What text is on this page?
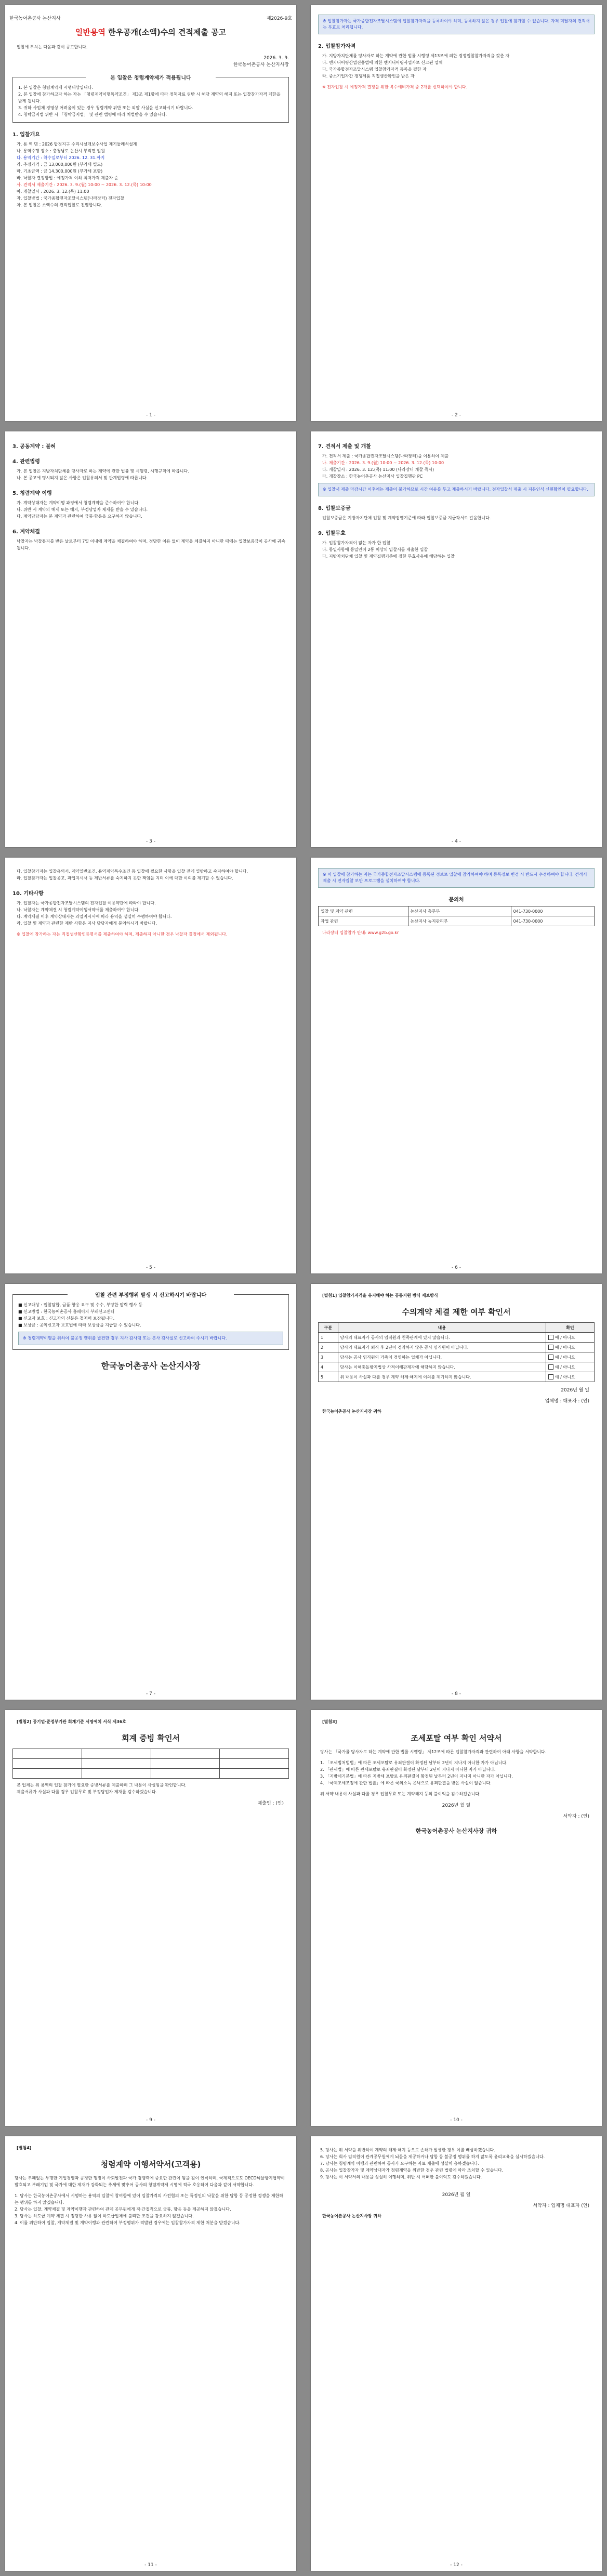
한국농어촌공사 논산지사	제2026-9호
일반용역 한우공개(소액)수의 견적제출 공고
입찰에 부치는 다음과 같이 공고합니다.
2026. 3. 9.
한국농어촌공사 논산지사장
본 입찰은 청렴계약제가 적용됩니다
1. 본 입찰은 청렴계약제 시행대상입니다.
2. 본 입찰에 참가하고자 하는 자는 「청렴계약이행특약조건」 제3조 제1항에 따라 정책자료 위반 시 해당 계약의 해지 또는 입찰참가자격 제한을 받게 됩니다.
3. 귀하 사업체 경영상 어려움이 있는 경우 청렴계약 위반 또는 외압 사실을 신고하시기 바랍니다.
4. 청탁금지법 위반 시 「청탁금지법」 및 관련 법령에 따라 처벌받을 수 있습니다.
1. 입찰개요
가. 용 역 명 : 2026 탑정지구 수리시설개보수사업 제기둘레석설계
나. 용역수행 장소 : 충청남도 논산시 부적면 일원
다. 용역기간 : 착수일로부터 2026. 12. 31.까지
라. 추정가격 : 금 13,000,000원 (부가세 별도)
마. 기초금액 : 금 14,300,000원 (부가세 포함)
바. 낙찰자 결정방법 : 예정가격 이하 최저가격 제출자 순
사. 견적서 제출기간 : 2026. 3. 9.(월) 10:00 ~ 2026. 3. 12.(목) 10:00
아. 개찰일시 : 2026. 3. 12.(목) 11:00
자. 입찰방법 : 국가종합전자조달시스템(나라장터) 전자입찰
차. 본 입찰은 소액수의 견적입찰로 진행합니다.
- 1 -
※ 입찰참가자는 국가종합전자조달시스템에 입찰참가자격을 등록하여야 하며, 등록하지 않은 경우 입찰에 참가할 수 없습니다. 자격 미달자의 견적서는 무효로 처리됩니다.
2. 입찰참가자격
가. 지방자치단체를 당사자로 하는 계약에 관한 법률 시행령 제13조에 의한 경쟁입찰참가자격을 갖춘 자
나. 엔지니어링산업진흥법에 의한 엔지니어링사업자로 신고된 업체
다. 국가종합전자조달시스템 입찰참가자격 등록을 필한 자
라. 중소기업자간 경쟁제품 직접생산확인을 받은 자
※ 전자입찰 시 예정가격 결정을 위한 복수예비가격 중 2개를 선택하여야 합니다.
- 2 -
3. 공동계약 : 불허
4. 관련법령
가. 본 입찰은 지방자치단체를 당사자로 하는 계약에 관한 법률 및 시행령, 시행규칙에 따릅니다.
나. 본 공고에 명시되지 않은 사항은 입찰유의서 및 관계법령에 따릅니다.
5. 청렴계약 이행
가. 계약상대자는 계약이행 과정에서 청렴계약을 준수하여야 합니다.
나. 위반 시 계약의 해제 또는 해지, 부정당업자 제재를 받을 수 있습니다.
다. 계약담당자는 본 계약과 관련하여 금품·향응을 요구하지 않습니다.
6. 계약체결
낙찰자는 낙찰통지를 받은 날로부터 7일 이내에 계약을 체결하여야 하며, 정당한 이유 없이 계약을 체결하지 아니한 때에는 입찰보증금이 공사에 귀속됩니다.
- 3 -
7. 견적서 제출 및 개찰
가. 견적서 제출 : 국가종합전자조달시스템(나라장터)을 이용하여 제출
나. 제출기간 : 2026. 3. 9.(월) 10:00 ~ 2026. 3. 12.(목) 10:00
다. 개찰일시 : 2026. 3. 12.(목) 11:00 (나라장터 개찰 즉시)
라. 개찰장소 : 한국농어촌공사 논산지사 입찰집행관 PC
※ 입찰서 제출 마감시간 이후에는 제출이 불가하므로 시간 여유를 두고 제출하시기 바랍니다. 전자입찰서 제출 시 지문인식 신원확인이 필요합니다.
8. 입찰보증금
입찰보증금은 지방자치단체 입찰 및 계약집행기준에 따라 입찰보증금 지급각서로 갈음합니다.
9. 입찰무효
가. 입찰참가자격이 없는 자가 한 입찰
나. 동일사항에 동일인이 2통 이상의 입찰서를 제출한 입찰
다. 지방자치단체 입찰 및 계약집행기준에 정한 무효사유에 해당하는 입찰
- 4 -
다. 입찰참가자는 입찰유의서, 계약일반조건, 용역계약특수조건 등 입찰에 필요한 사항을 입찰 전에 열람하고 숙지하여야 합니다.
라. 입찰참가자는 입찰공고, 과업지시서 등 제반서류를 숙지하지 못한 책임을 지며 이에 대한 이의를 제기할 수 없습니다.
10. 기타사항
가. 입찰자는 국가종합전자조달시스템의 전자입찰 이용약관에 따라야 합니다.
나. 낙찰자는 계약체결 시 청렴계약이행서약서를 제출하여야 합니다.
다. 계약체결 이후 계약상대자는 과업지시서에 따라 용역을 성실히 수행하여야 합니다.
라. 입찰 및 계약과 관련한 제반 사항은 지사 담당자에게 문의하시기 바랍니다.
※ 입찰에 참가하는 자는 직접생산확인증명서를 제출하여야 하며, 제출하지 아니한 경우 낙찰자 결정에서 제외됩니다.
- 5 -
※ 이 입찰에 참가하는 자는 국가종합전자조달시스템에 등록된 정보로 입찰에 참가하여야 하며 등록정보 변경 시 반드시 수정하여야 합니다. 견적서 제출 시 전자입찰 보안 프로그램을 설치하여야 합니다.
문의처
입찰 및 계약 관련	논산지사 총무부	041-730-0000
과업 관련	논산지사 농지관리부	041-730-0000
나라장터 입찰참가 안내: www.g2b.go.kr
- 6 -
입찰 관련 부정행위 발생 시 신고하시기 바랍니다
■ 신고대상 : 입찰담합, 금품·향응 요구 및 수수, 부당한 압력 행사 등
■ 신고방법 : 한국농어촌공사 홈페이지 부패신고센터
■ 신고자 보호 : 신고자의 신분은 철저히 보장됩니다.
■ 보상금 : 공익신고자 보호법에 따라 보상금을 지급할 수 있습니다.
※ 청렴계약이행을 위하여 불공정 행위를 발견한 경우 지사 감사팀 또는 본사 감사실로 신고하여 주시기 바랍니다.
한국농어촌공사 논산지사장
- 7 -
[별첨1] 입찰참가자격을 유지해야 하는 공통지원 방식 제보방식
수의계약 체결 제한 여부 확인서
구분	내용	확인
1	당사의 대표자가 공사의 임직원과 친족관계에 있지 않습니다.	예 / 아니오
2	당사의 대표자가 퇴직 후 2년이 경과하지 않은 공사 임직원이 아닙니다.	예 / 아니오
3	당사는 공사 임직원의 가족이 경영하는 업체가 아닙니다.	예 / 아니오
4	당사는 이해충돌방지법상 사적이해관계자에 해당하지 않습니다.	예 / 아니오
5	위 내용이 사실과 다를 경우 계약 해제·해지에 이의를 제기하지 않습니다.	예 / 아니오
2026년 월 일
업체명 : 대표자 : (인)
한국농어촌공사 논산지사장 귀하
- 8 -
[별첨2] 공기업·준정부기관 회계기준 서명예치 서식 제36호
회계 증빙 확인서

본 업체는 위 용역의 입찰 참가에 필요한 증빙서류를 제출하며 그 내용이 사실임을 확인합니다.
제출서류가 사실과 다를 경우 입찰무효 및 부정당업자 제재를 감수하겠습니다.
제출인 : (인)
- 9 -
[별첨3]
조세포탈 여부 확인 서약서
당사는 「국가를 당사자로 하는 계약에 관한 법률 시행령」 제12조에 따른 입찰참가자격과 관련하여 아래 사항을 서약합니다.
1. 「조세범처벌법」에 따른 조세포탈로 유죄판결이 확정된 날부터 2년이 지나지 아니한 자가 아닙니다.
2. 「관세법」에 따른 관세포탈로 유죄판결이 확정된 날부터 2년이 지나지 아니한 자가 아닙니다.
3. 「지방세기본법」에 따른 지방세 포탈로 유죄판결이 확정된 날부터 2년이 지나지 아니한 자가 아닙니다.
4. 「국제조세조정에 관한 법률」에 따른 국외소득 은닉으로 유죄판결을 받은 사실이 없습니다.
위 서약 내용이 사실과 다를 경우 입찰무효 또는 계약해지 등의 불이익을 감수하겠습니다.
2026년 월 일
서약자 : (인)
한국농어촌공사 논산지사장 귀하
- 10 -
[별첨4]
청렴계약 이행서약서(고객용)
당사는 부패없는 투명한 기업경영과 공정한 행정이 사회발전과 국가 경쟁력에 중요한 관건이 됨을 깊이 인식하며, 국제적으로도 OECD뇌물방지협약이 발효되고 부패기업 및 국가에 대한 제재가 강화되는 추세에 맞추어 공사의 청렴계약제 시행에 적극 호응하여 다음과 같이 서약합니다.
1. 당사는 한국농어촌공사에서 시행하는 용역의 입찰에 참여함에 있어 입찰가격의 사전협의 또는 특정인의 낙찰을 위한 담합 등 공정한 경쟁을 제한하는 행위를 하지 않겠습니다.
2. 당사는 입찰, 계약체결 및 계약이행과 관련하여 관계 공무원에게 직·간접적으로 금품, 향응 등을 제공하지 않겠습니다.
3. 당사는 하도급 계약 체결 시 정당한 사유 없이 하도급업체에 불리한 조건을 강요하지 않겠습니다.
4. 이를 위반하여 입찰, 계약체결 및 계약이행과 관련하여 부정행위가 적발된 경우에는 입찰참가자격 제한 처분을 받겠습니다.
- 11 -
5. 당사는 위 서약을 위반하여 계약의 해제·해지 등으로 손해가 발생한 경우 이를 배상하겠습니다.
6. 당사는 회사 임직원이 관계공무원에게 뇌물을 제공하거나 담합 등 불공정 행위를 하지 않도록 윤리교육을 실시하겠습니다.
7. 당사는 청렴계약 이행과 관련하여 공사가 요구하는 자료 제출에 성실히 응하겠습니다.
8. 공사는 입찰참가자 및 계약상대자가 청렴계약을 위반한 경우 관련 법령에 따라 조치할 수 있습니다.
9. 당사는 이 서약서의 내용을 성실히 이행하며, 위반 시 어떠한 불이익도 감수하겠습니다.
2026년 월 일
서약자 : 업체명 대표자 (인)
한국농어촌공사 논산지사장 귀하
- 12 -
